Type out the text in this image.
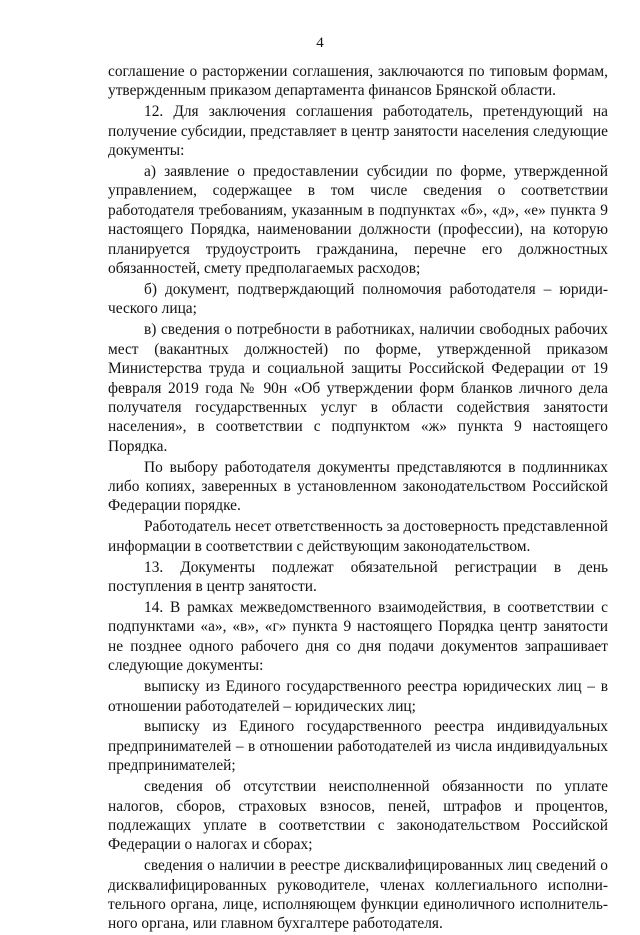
4

соглашение о расторжении соглашения, заключаются по типовым формам, утвержденным приказом департамента финансов Брянской области.

12. Для заключения соглашения работодатель, претендующий на получение субсидии, представляет в центр занятости населения следующие документы:

а) заявление о предоставлении субсидии по форме, утвержденной управлением, содержащее в том числе сведения о соответствии работодателя требованиям, указанным в подпунктах «б», «д», «е» пункта 9 настоящего Порядка, наименовании должности (профессии), на которую планируется трудоустроить гражданина, перечне его должностных обязанностей, смету предполагаемых расходов;

б) документ, подтверждающий полномочия работодателя – юридического лица;

в) сведения о потребности в работниках, наличии свободных рабочих мест (вакантных должностей) по форме, утвержденной приказом Министерства труда и социальной защиты Российской Федерации от 19 февраля 2019 года № 90н «Об утверждении форм бланков личного дела получателя государственных услуг в области содействия занятости населения», в соответствии с подпунктом «ж» пункта 9 настоящего Порядка.

По выбору работодателя документы представляются в подлинниках либо копиях, заверенных в установленном законодательством Российской Федерации порядке.

Работодатель несет ответственность за достоверность представленной информации в соответствии с действующим законодательством.

13. Документы подлежат обязательной регистрации в день поступления в центр занятости.

14. В рамках межведомственного взаимодействия, в соответствии с подпунктами «а», «в», «г» пункта 9 настоящего Порядка центр занятости не позднее одного рабочего дня со дня подачи документов запрашивает следующие документы:

выписку из Единого государственного реестра юридических лиц – в отношении работодателей – юридических лиц;

выписку из Единого государственного реестра индивидуальных предпринимателей – в отношении работодателей из числа индивидуальных предпринимателей;

сведения об отсутствии неисполненной обязанности по уплате налогов, сборов, страховых взносов, пеней, штрафов и процентов, подлежащих уплате в соответствии с законодательством Российской Федерации о налогах и сборах;

сведения о наличии в реестре дисквалифицированных лиц сведений о дисквалифицированных руководителе, членах коллегиального исполнительного органа, лице, исполняющем функции единоличного исполнительного органа, или главном бухгалтере работодателя.
